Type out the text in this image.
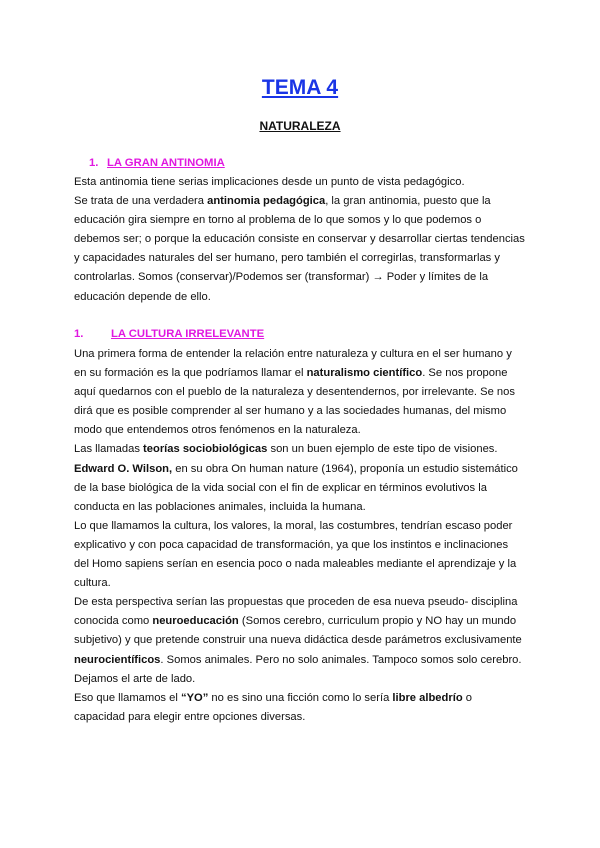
TEMA 4
NATURALEZA
1. LA GRAN ANTINOMIA

Esta antinomia tiene serias implicaciones desde un punto de vista pedagógico.

Se trata de una verdadera antinomia pedagógica, la gran antinomia, puesto que la educación gira siempre en torno al problema de lo que somos y lo que podemos o debemos ser; o porque la educación consiste en conservar y desarrollar ciertas tendencias y capacidades naturales del ser humano, pero también el corregirlas, transformarlas y controlarlas. Somos (conservar)/Podemos ser (transformar) → Poder y límites de la educación depende de ello.

1. LA CULTURA IRRELEVANTE

Una primera forma de entender la relación entre naturaleza y cultura en el ser humano y en su formación es la que podríamos llamar el naturalismo científico. Se nos propone aquí quedarnos con el pueblo de la naturaleza y desentendernos, por irrelevante. Se nos dirá que es posible comprender al ser humano y a las sociedades humanas, del mismo modo que entendemos otros fenómenos en la naturaleza.

Las llamadas teorías sociobiológicas son un buen ejemplo de este tipo de visiones.

Edward O. Wilson, en su obra On human nature (1964), proponía un estudio sistemático de la base biológica de la vida social con el fin de explicar en términos evolutivos la conducta en las poblaciones animales, incluida la humana.

Lo que llamamos la cultura, los valores, la moral, las costumbres, tendrían escaso poder explicativo y con poca capacidad de transformación, ya que los instintos e inclinaciones del Homo sapiens serían en esencia poco o nada maleables mediante el aprendizaje y la cultura.

De esta perspectiva serían las propuestas que proceden de esa nueva pseudo- disciplina conocida como neuroeducación (Somos cerebro, curriculum propio y NO hay un mundo subjetivo) y que pretende construir una nueva didáctica desde parámetros exclusivamente neurocientíficos. Somos animales. Pero no solo animales. Tampoco somos solo cerebro. Dejamos el arte de lado.

Eso que llamamos el “YO” no es sino una ficción como lo sería libre albedrío o capacidad para elegir entre opciones diversas.
